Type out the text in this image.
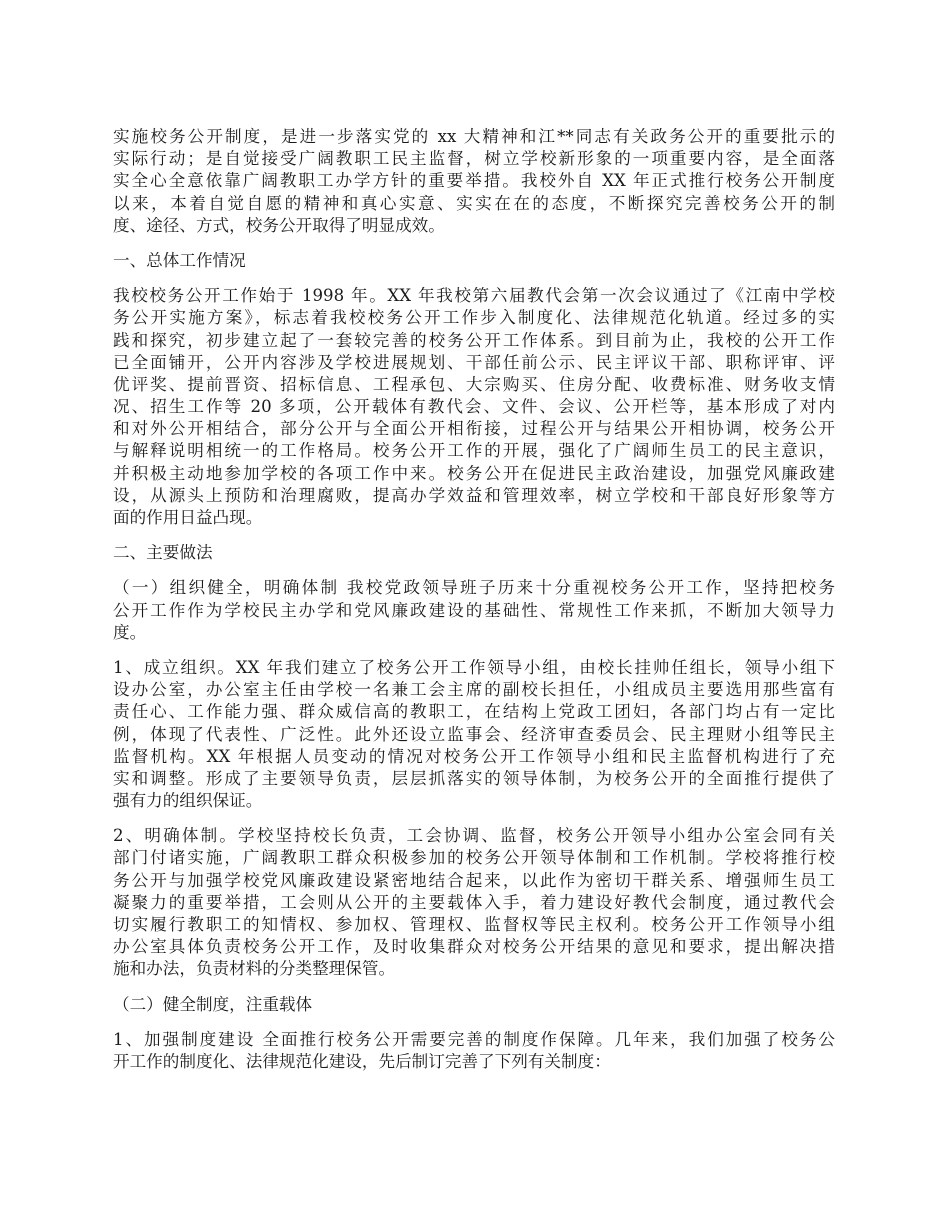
实施校务公开制度，是进一步落实党的 xx 大精神和江**同志有关政务公开的重要批示的
实际行动；是自觉接受广阔教职工民主监督，树立学校新形象的一项重要内容，是全面落
实全心全意依靠广阔教职工办学方针的重要举措。我校外自 XX 年正式推行校务公开制度
以来，本着自觉自愿的精神和真心实意、实实在在的态度，不断探究完善校务公开的制
度、途径、方式，校务公开取得了明显成效。
一、总体工作情况
我校校务公开工作始于 1998 年。XX 年我校第六届教代会第一次会议通过了《江南中学校
务公开实施方案》，标志着我校校务公开工作步入制度化、法律规范化轨道。经过多的实
践和探究，初步建立起了一套较完善的校务公开工作体系。到目前为止，我校的公开工作
已全面铺开，公开内容涉及学校进展规划、干部任前公示、民主评议干部、职称评审、评
优评奖、提前晋资、招标信息、工程承包、大宗购买、住房分配、收费标准、财务收支情
况、招生工作等 20 多项，公开载体有教代会、文件、会议、公开栏等，基本形成了对内
和对外公开相结合，部分公开与全面公开相衔接，过程公开与结果公开相协调，校务公开
与解释说明相统一的工作格局。校务公开工作的开展，强化了广阔师生员工的民主意识，
并积极主动地参加学校的各项工作中来。校务公开在促进民主政治建设，加强党风廉政建
设，从源头上预防和治理腐败，提高办学效益和管理效率，树立学校和干部良好形象等方
面的作用日益凸现。
二、主要做法
（一）组织健全，明确体制 我校党政领导班子历来十分重视校务公开工作，坚持把校务
公开工作作为学校民主办学和党风廉政建设的基础性、常规性工作来抓，不断加大领导力
度。
1、成立组织。XX 年我们建立了校务公开工作领导小组，由校长挂帅任组长，领导小组下
设办公室，办公室主任由学校一名兼工会主席的副校长担任，小组成员主要选用那些富有
责任心、工作能力强、群众威信高的教职工，在结构上党政工团妇，各部门均占有一定比
例，体现了代表性、广泛性。此外还设立监事会、经济审查委员会、民主理财小组等民主
监督机构。XX 年根据人员变动的情况对校务公开工作领导小组和民主监督机构进行了充
实和调整。形成了主要领导负责，层层抓落实的领导体制，为校务公开的全面推行提供了
强有力的组织保证。
2、明确体制。学校坚持校长负责，工会协调、监督，校务公开领导小组办公室会同有关
部门付诸实施，广阔教职工群众积极参加的校务公开领导体制和工作机制。学校将推行校
务公开与加强学校党风廉政建设紧密地结合起来，以此作为密切干群关系、增强师生员工
凝聚力的重要举措，工会则从公开的主要载体入手，着力建设好教代会制度，通过教代会
切实履行教职工的知情权、参加权、管理权、监督权等民主权利。校务公开工作领导小组
办公室具体负责校务公开工作，及时收集群众对校务公开结果的意见和要求，提出解决措
施和办法，负责材料的分类整理保管。
（二）健全制度，注重载体
1、加强制度建设 全面推行校务公开需要完善的制度作保障。几年来，我们加强了校务公
开工作的制度化、法律规范化建设，先后制订完善了下列有关制度：
